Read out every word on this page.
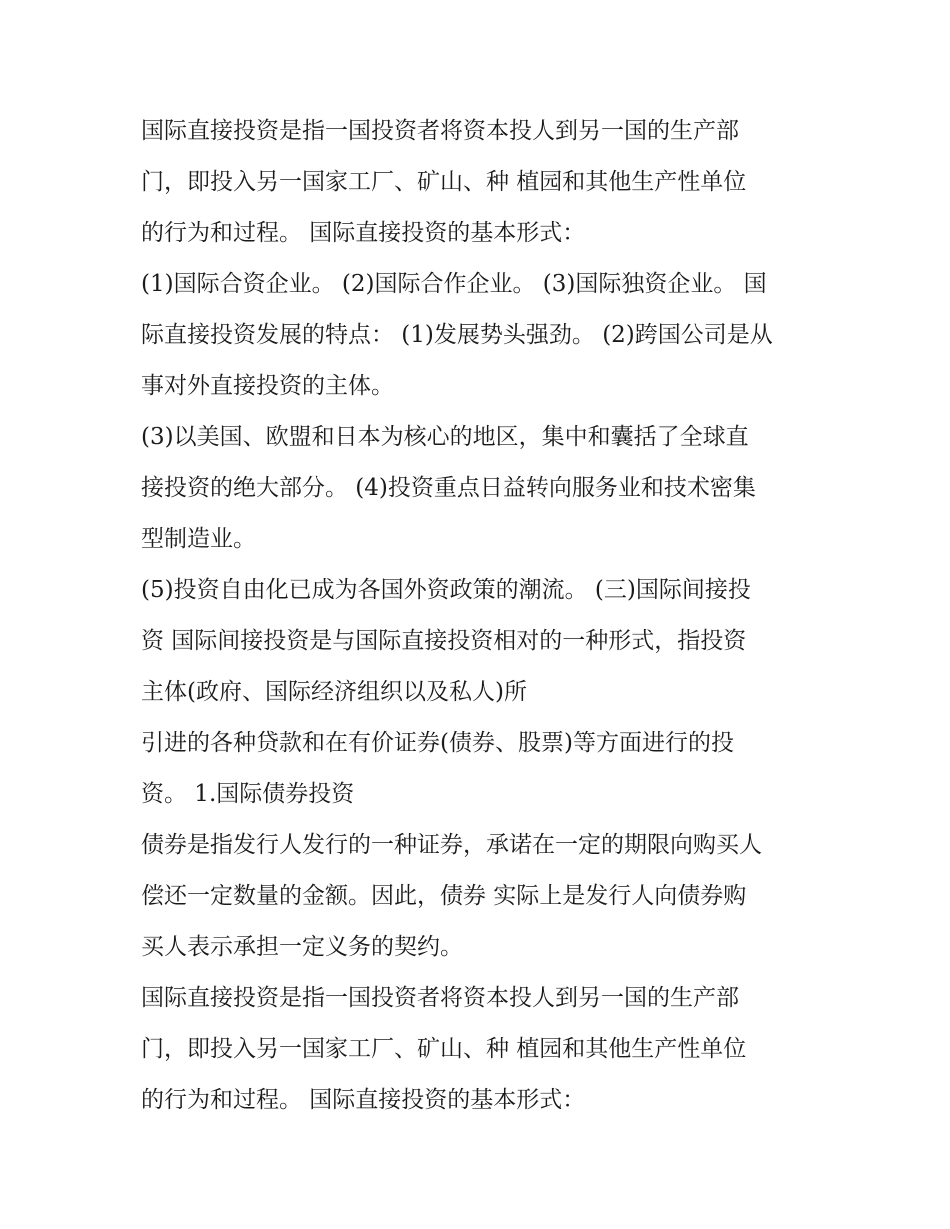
国际直接投资是指一国投资者将资本投人到另一国的生产部
门，即投入另一国家工厂、矿山、种 植园和其他生产性单位
的行为和过程。 国际直接投资的基本形式：
(1)国际合资企业。 (2)国际合作企业。 (3)国际独资企业。 国
际直接投资发展的特点： (1)发展势头强劲。 (2)跨国公司是从
事对外直接投资的主体。
(3)以美国、欧盟和日本为核心的地区，集中和囊括了全球直
接投资的绝大部分。 (4)投资重点日益转向服务业和技术密集
型制造业。
(5)投资自由化已成为各国外资政策的潮流。 (三)国际间接投
资 国际间接投资是与国际直接投资相对的一种形式，指投资
主体(政府、国际经济组织以及私人)所
引进的各种贷款和在有价证券(债券、股票)等方面进行的投
资。 1.国际债券投资
债券是指发行人发行的一种证券，承诺在一定的期限向购买人
偿还一定数量的金额。因此，债券 实际上是发行人向债券购
买人表示承担一定义务的契约。
国际直接投资是指一国投资者将资本投人到另一国的生产部
门，即投入另一国家工厂、矿山、种 植园和其他生产性单位
的行为和过程。 国际直接投资的基本形式：
